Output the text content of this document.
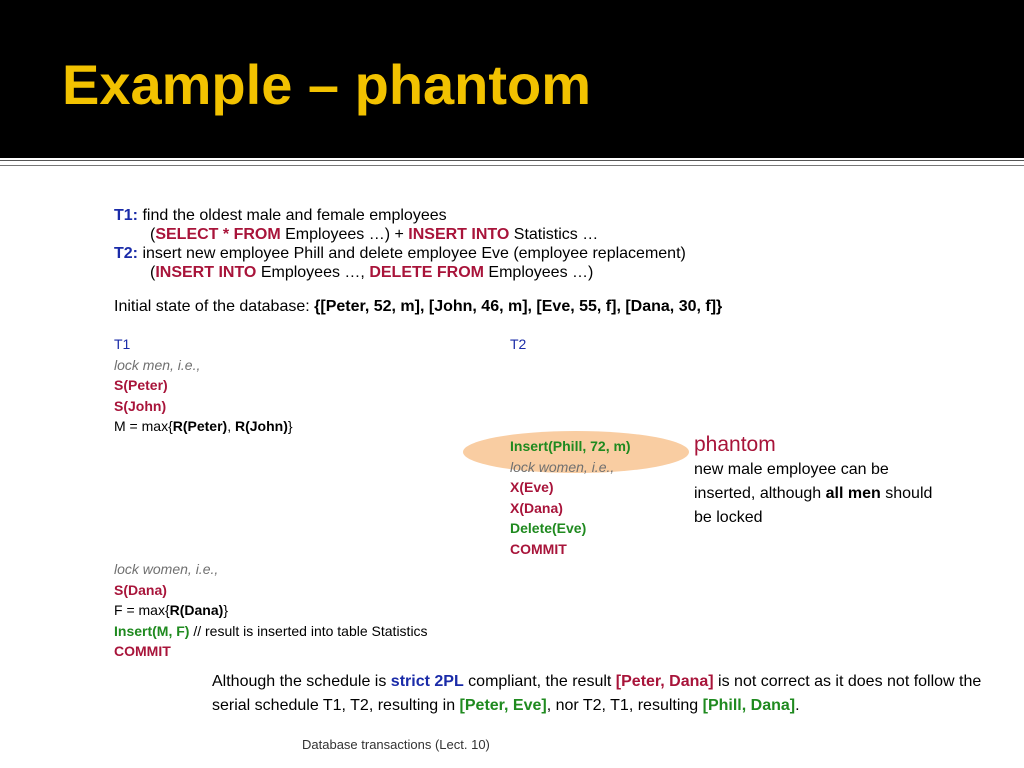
Example – phantom
T1: find the oldest male and female employees
(SELECT * FROM Employees …) + INSERT INTO Statistics …
T2: insert new employee Phill and delete employee Eve (employee replacement)
(INSERT INTO Employees …, DELETE FROM Employees …)
Initial state of the database: {[Peter, 52, m], [John, 46, m], [Eve, 55, f], [Dana, 30, f]}
T1
lock men, i.e.,
S(Peter)
S(John)
M = max{R(Peter), R(John)}
T2
Insert(Phill, 72, m)
lock women, i.e.,
X(Eve)
X(Dana)
Delete(Eve)
COMMIT
phantom
new male employee can be inserted, although all men should be locked
lock women, i.e.,
S(Dana)
F = max{R(Dana)}
Insert(M, F) // result is inserted into table Statistics
COMMIT
Although the schedule is strict 2PL compliant, the result [Peter, Dana] is not correct as it does not follow the serial schedule T1, T2, resulting in [Peter, Eve], nor T2, T1, resulting [Phill, Dana].
Database transactions (Lect. 10)
